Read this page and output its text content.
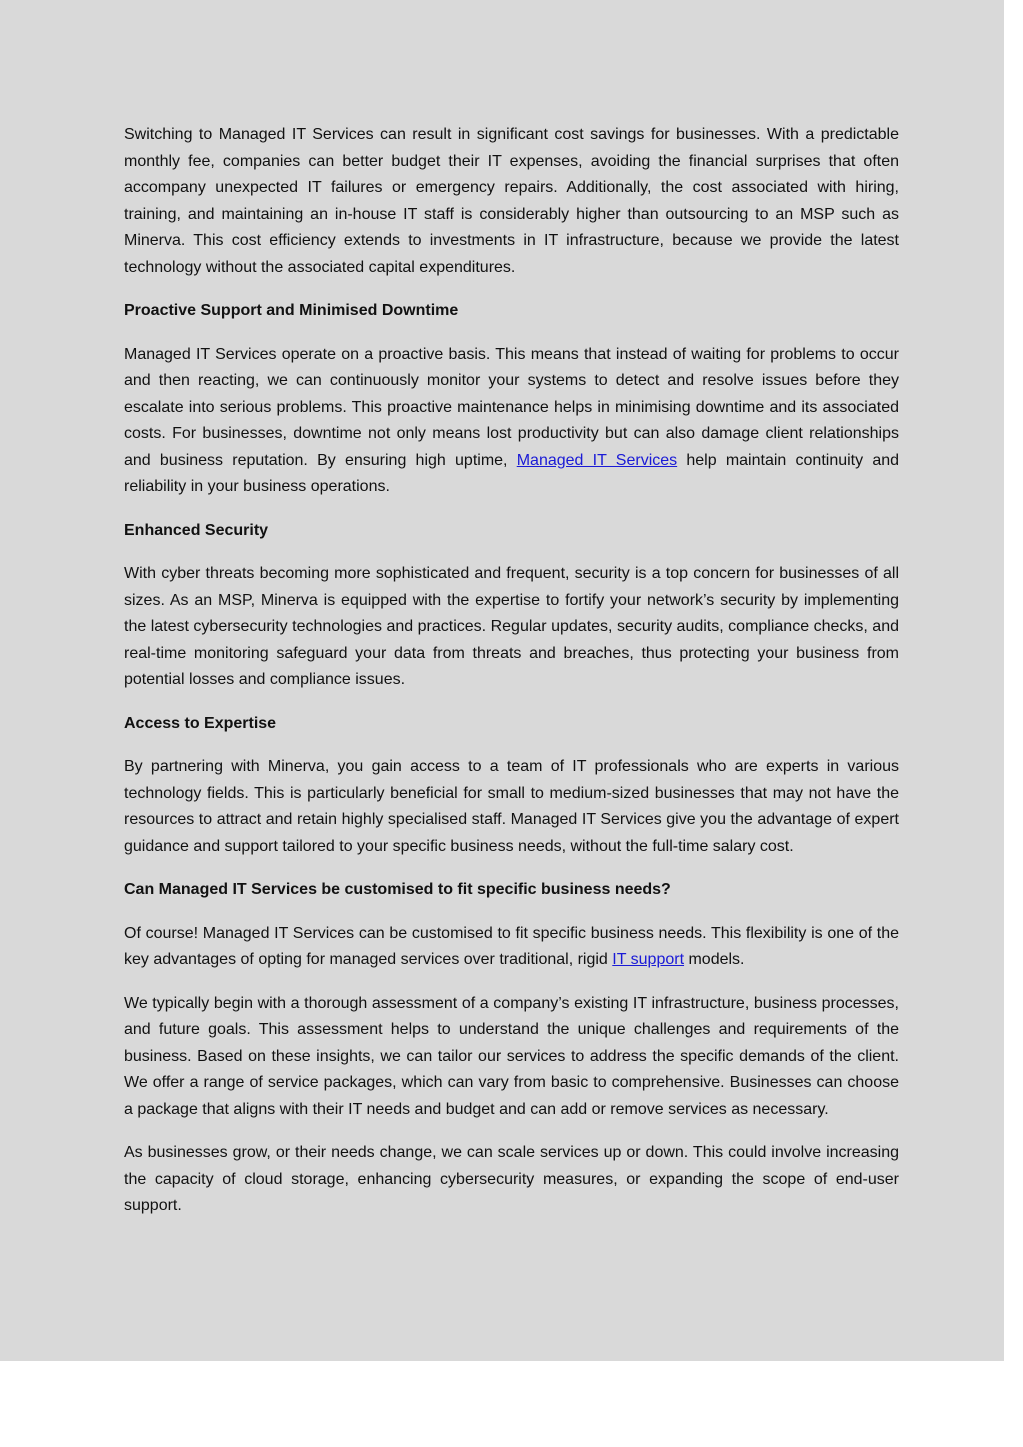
Switching to Managed IT Services can result in significant cost savings for businesses. With a predictable monthly fee, companies can better budget their IT expenses, avoiding the financial surprises that often accompany unexpected IT failures or emergency repairs. Additionally, the cost associated with hiring, training, and maintaining an in-house IT staff is considerably higher than outsourcing to an MSP such as Minerva. This cost efficiency extends to investments in IT infrastructure, because we provide the latest technology without the associated capital expenditures.

Proactive Support and Minimised Downtime

Managed IT Services operate on a proactive basis. This means that instead of waiting for problems to occur and then reacting, we can continuously monitor your systems to detect and resolve issues before they escalate into serious problems. This proactive maintenance helps in minimising downtime and its associated costs. For businesses, downtime not only means lost productivity but can also damage client relationships and business reputation. By ensuring high uptime, Managed IT Services help maintain continuity and reliability in your business operations.

Enhanced Security

With cyber threats becoming more sophisticated and frequent, security is a top concern for businesses of all sizes. As an MSP, Minerva is equipped with the expertise to fortify your network’s security by implementing the latest cybersecurity technologies and practices. Regular updates, security audits, compliance checks, and real-time monitoring safeguard your data from threats and breaches, thus protecting your business from potential losses and compliance issues.

Access to Expertise

By partnering with Minerva, you gain access to a team of IT professionals who are experts in various technology fields. This is particularly beneficial for small to medium-sized businesses that may not have the resources to attract and retain highly specialised staff. Managed IT Services give you the advantage of expert guidance and support tailored to your specific business needs, without the full-time salary cost.

Can Managed IT Services be customised to fit specific business needs?

Of course! Managed IT Services can be customised to fit specific business needs. This flexibility is one of the key advantages of opting for managed services over traditional, rigid IT support models.

We typically begin with a thorough assessment of a company’s existing IT infrastructure, business processes, and future goals. This assessment helps to understand the unique challenges and requirements of the business. Based on these insights, we can tailor our services to address the specific demands of the client. We offer a range of service packages, which can vary from basic to comprehensive. Businesses can choose a package that aligns with their IT needs and budget and can add or remove services as necessary.

As businesses grow, or their needs change, we can scale services up or down. This could involve increasing the capacity of cloud storage, enhancing cybersecurity measures, or expanding the scope of end-user support.
